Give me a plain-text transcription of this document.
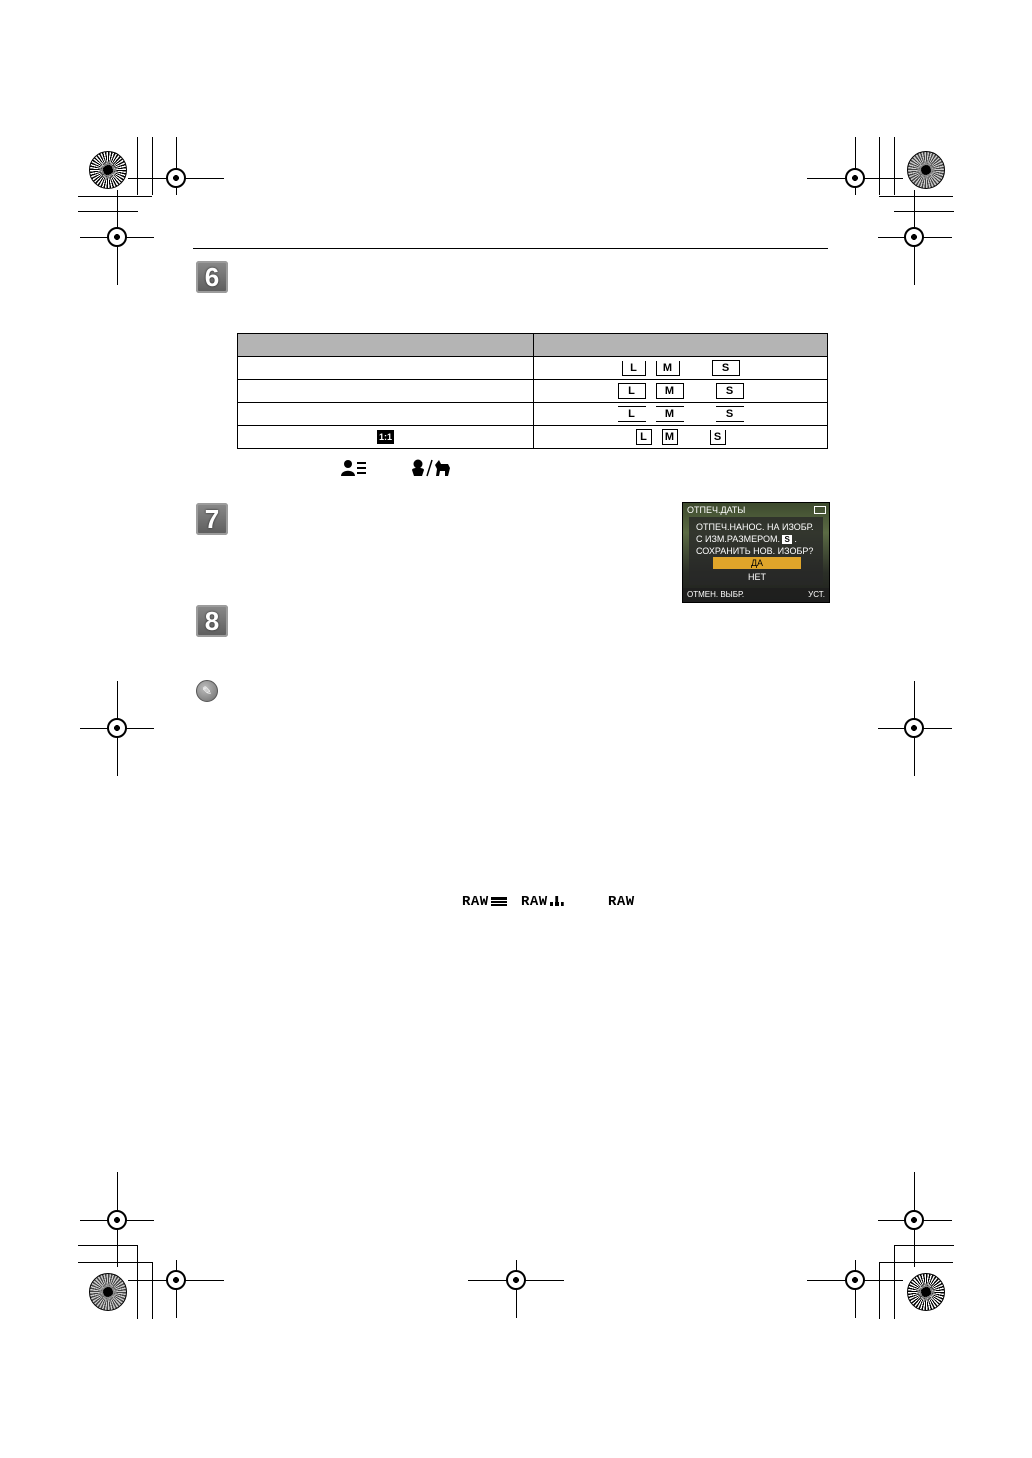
6

	L M S
	L M S
	L M S
1:1	L M S
7	ОТПЕЧ.ДАТЫ
ОТПЕЧ.НАНОС. НА ИЗОБР.
С ИЗМ.РАЗМЕРОМ. S .
СОХРАНИТЬ НОВ. ИЗОБР?
ДА
НЕТ
ОТМЕН. ВЫБР.	УСТ.
8
✎
RAW	RAW	RAW
